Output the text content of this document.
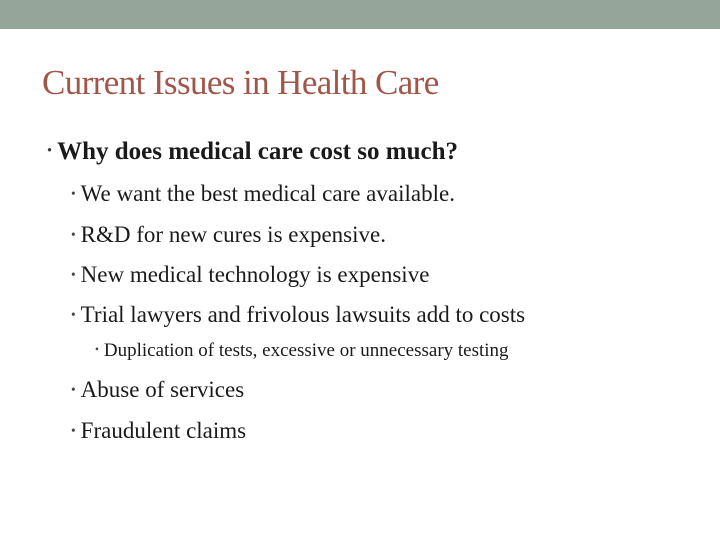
Current Issues in Health Care
• Why does medical care cost so much?
• We want the best medical care available.
• R&D for new cures is expensive.
• New medical technology is expensive
• Trial lawyers and frivolous lawsuits add to costs
• Duplication of tests, excessive or unnecessary testing
• Abuse of services
• Fraudulent claims
